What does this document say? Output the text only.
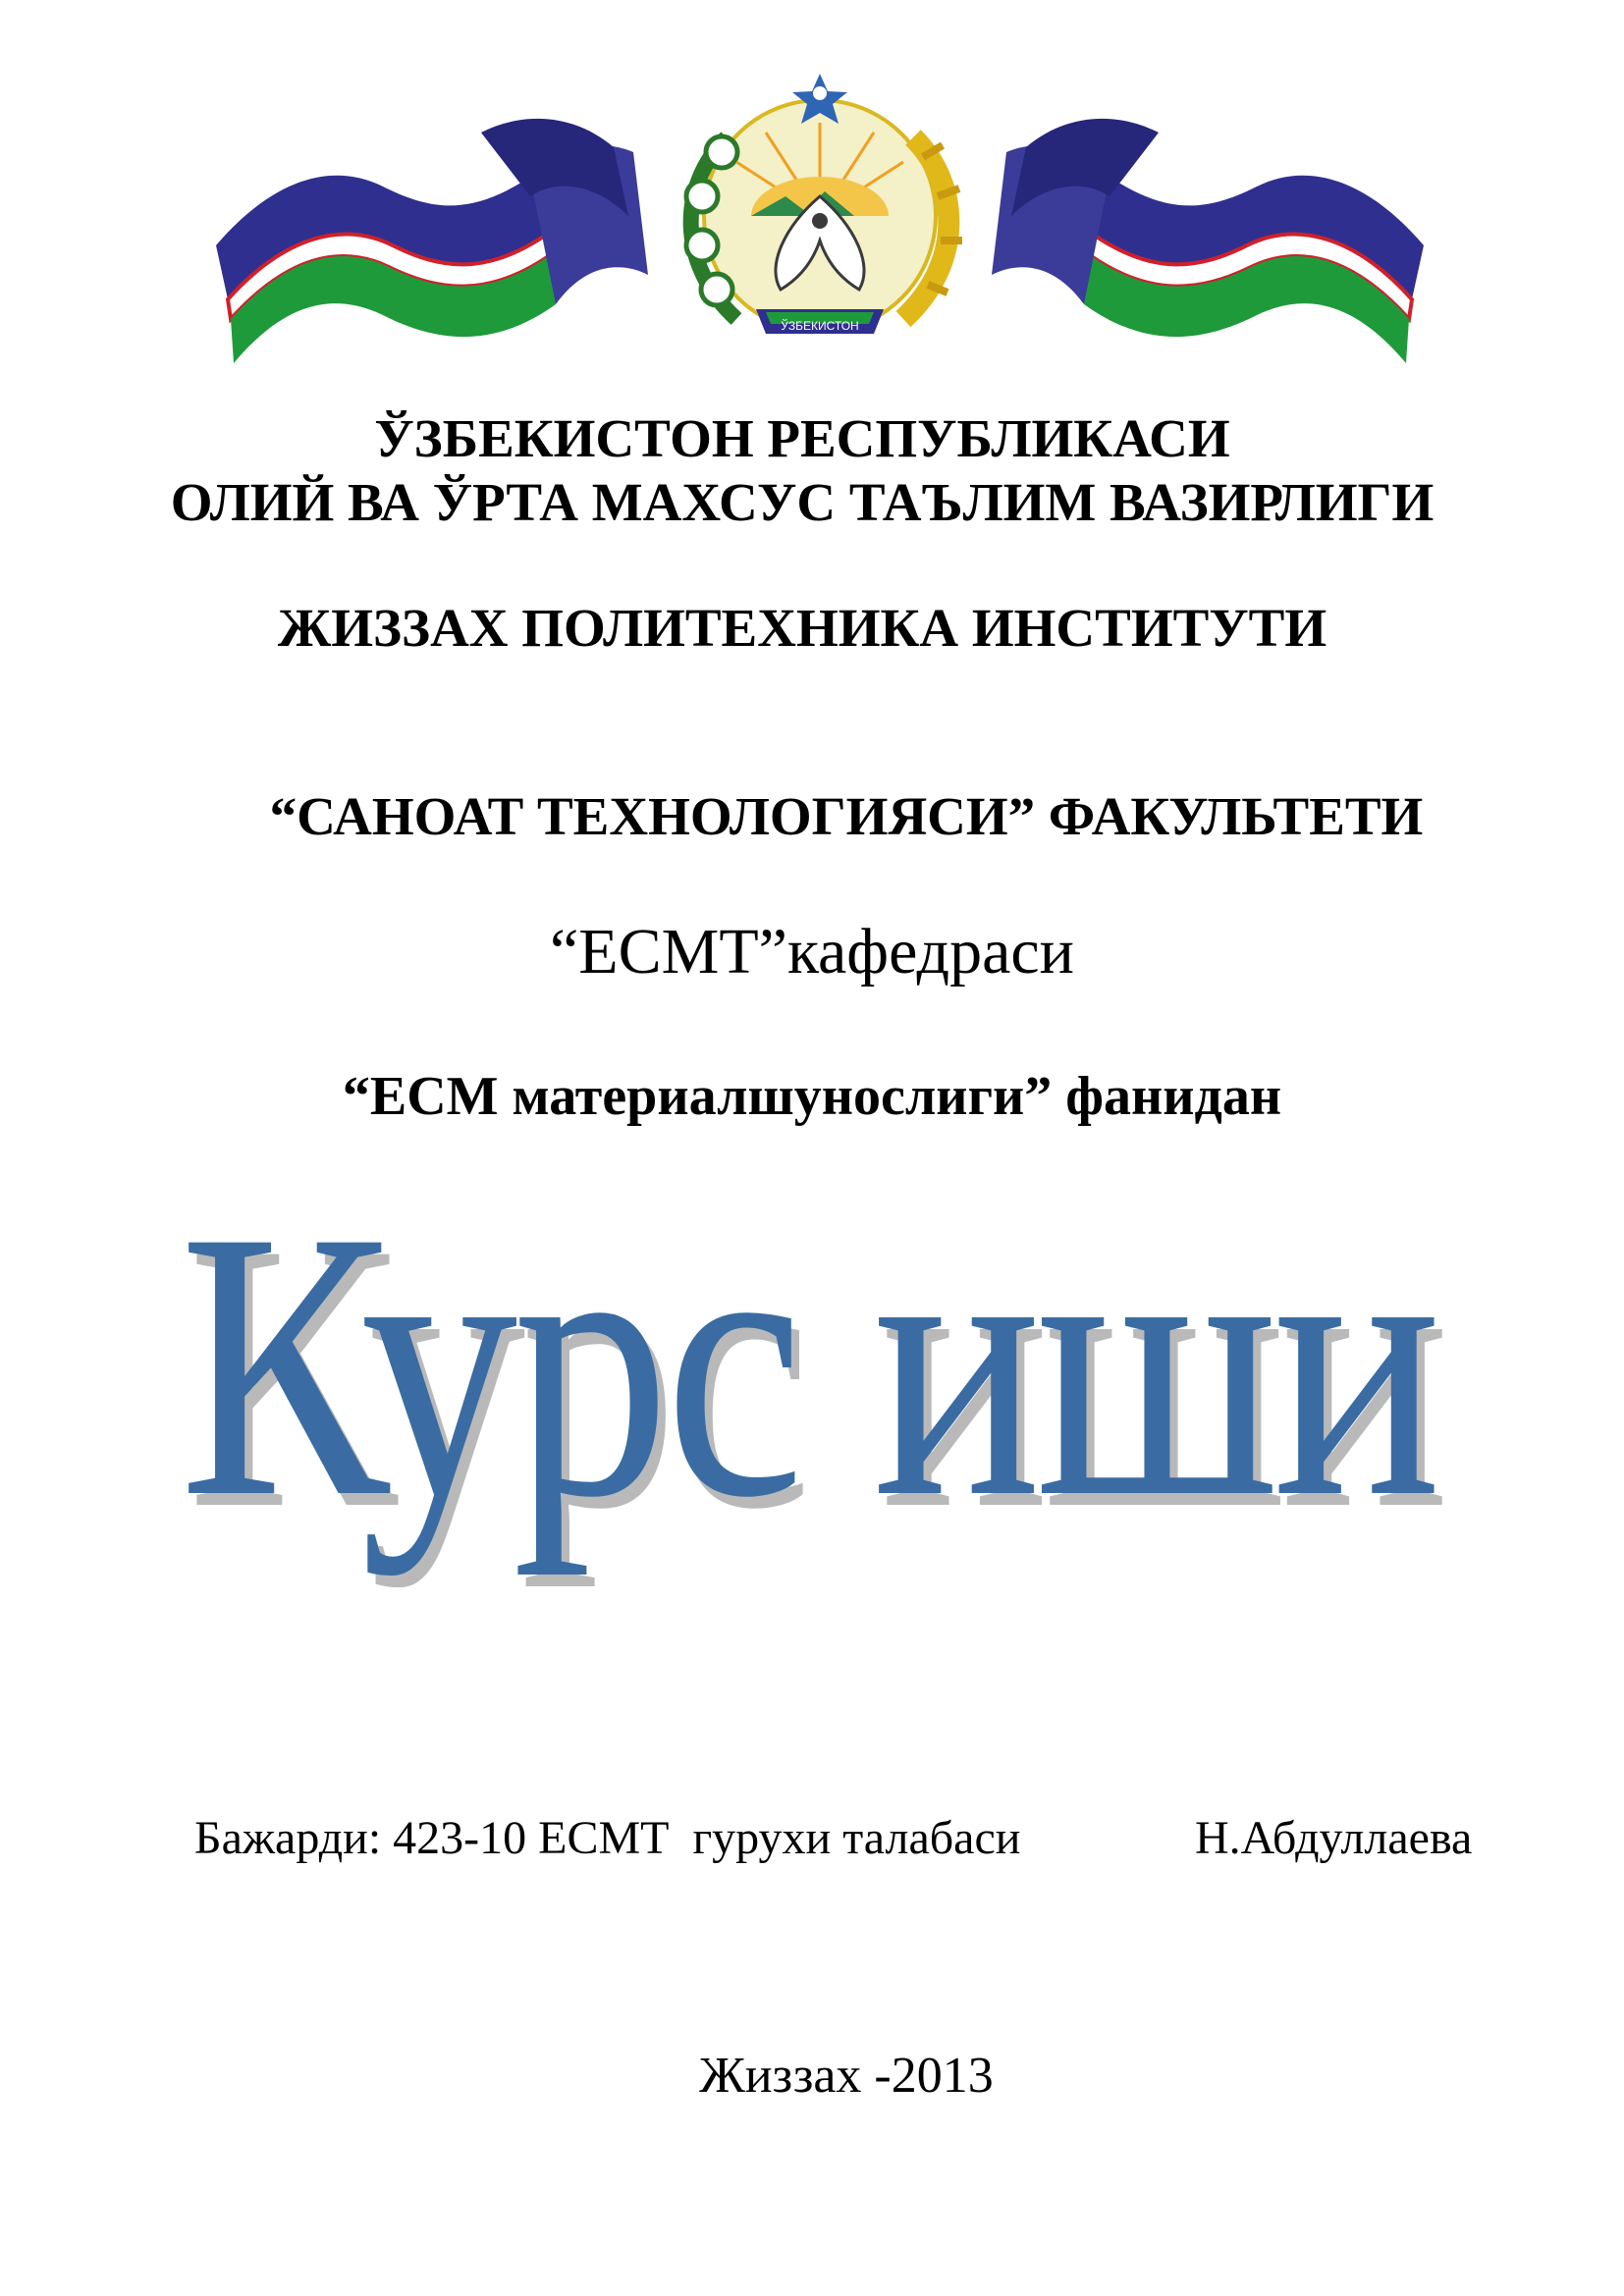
ЎЗБЕКИСТОН
ЎЗБЕКИСТОН РЕСПУБЛИКАСИ
ОЛИЙ ВА ЎРТА МАХСУС ТАЪЛИМ ВАЗИРЛИГИ
ЖИЗЗАХ ПОЛИТЕХНИКА ИНСТИТУТИ
“САНОАТ ТЕХНОЛОГИЯСИ” ФАКУЛЬТЕТИ
“ЕСМТ”кафедраси
“ЕСМ материалшунослиги” фанидан
Курс иши
Бажарди: 423-10 ЕСМТ  гурухи талабаси	Н.Абдуллаева
Жиззах -2013
